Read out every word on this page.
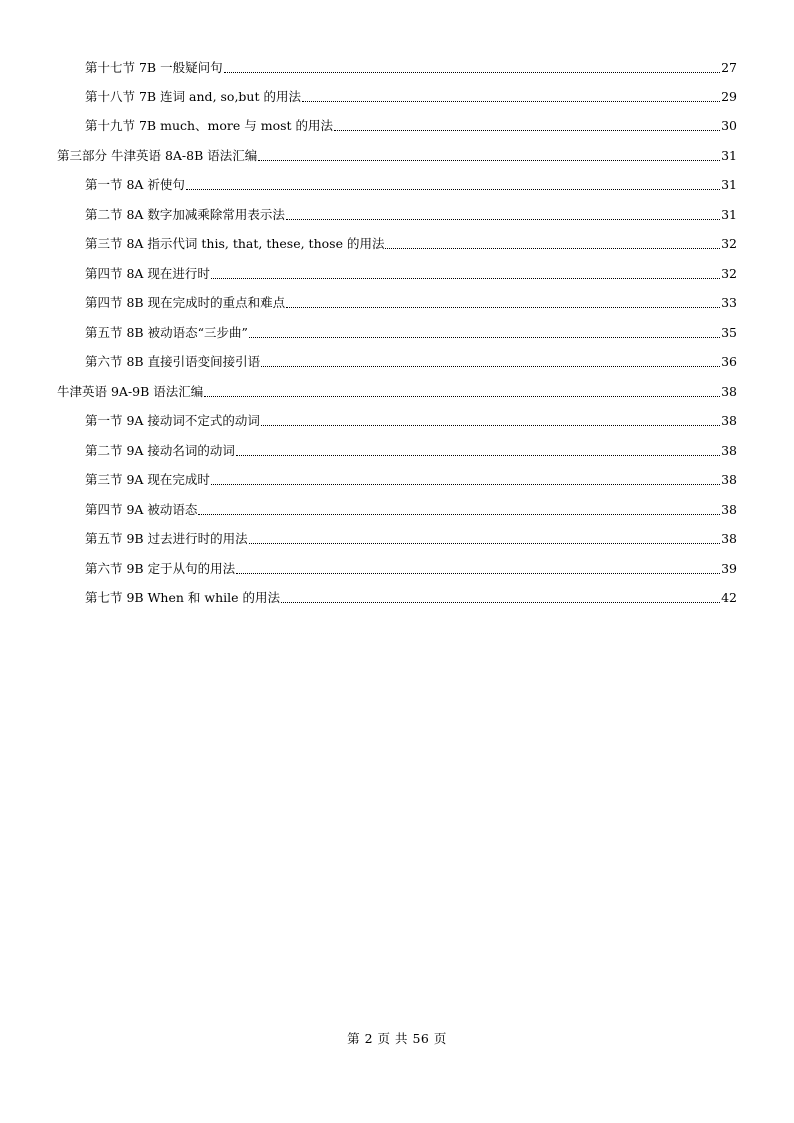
第十七节 7B 一般疑问句	27
第十八节 7B 连词 and, so,but 的用法	29
第十九节 7B much、more 与 most 的用法	30
第三部分 牛津英语 8A-8B 语法汇编	31
第一节 8A 祈使句	31
第二节 8A 数字加减乘除常用表示法	31
第三节 8A 指示代词 this, that, these, those 的用法	32
第四节 8A 现在进行时	32
第四节 8B 现在完成时的重点和难点	33
第五节 8B 被动语态“三步曲”	35
第六节 8B 直接引语变间接引语	36
牛津英语 9A-9B 语法汇编	38
第一节 9A 接动词不定式的动词	38
第二节 9A 接动名词的动词	38
第三节 9A 现在完成时	38
第四节 9A 被动语态	38
第五节 9B 过去进行时的用法	38
第六节 9B 定于从句的用法	39
第七节 9B When 和 while 的用法	42
第 2 页 共 56 页
